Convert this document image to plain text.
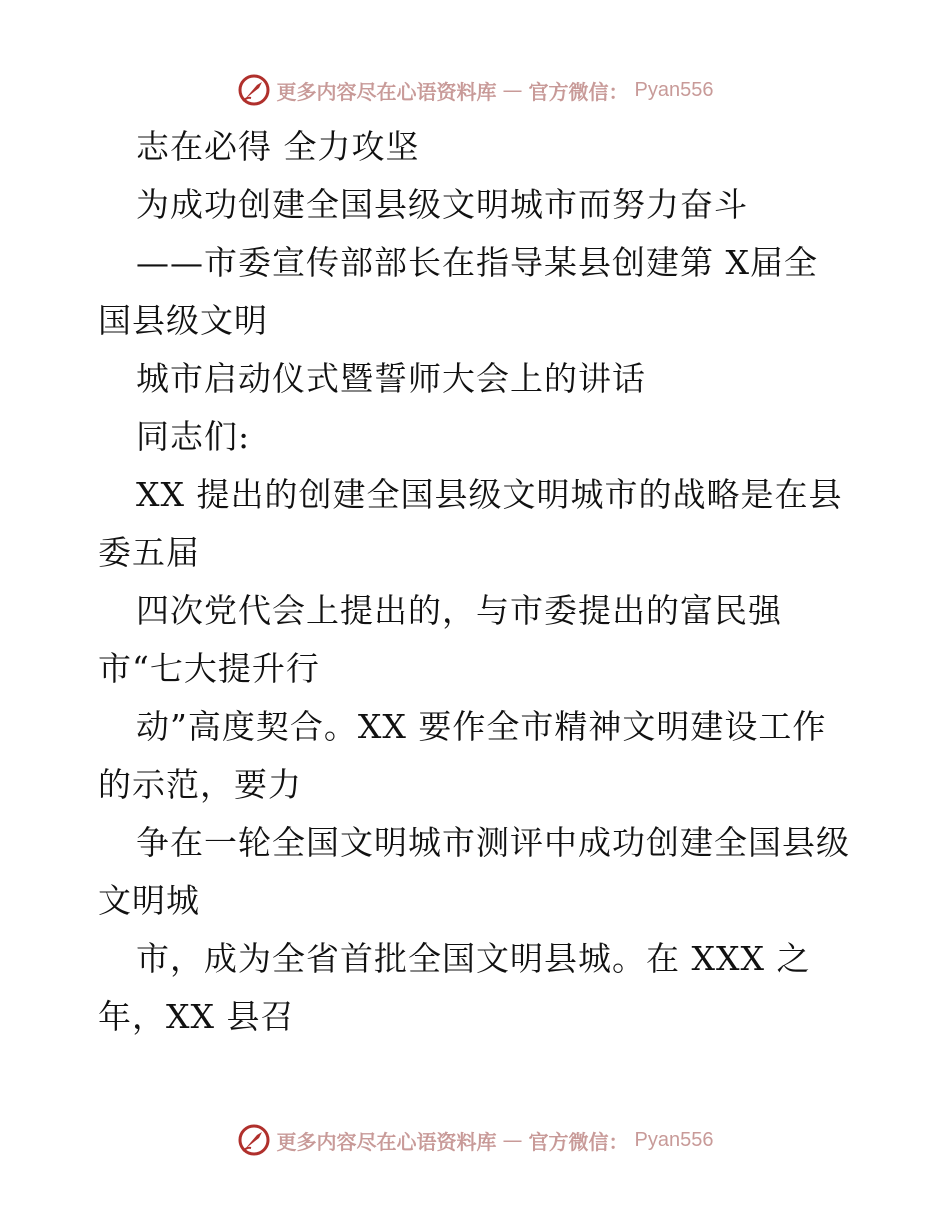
更多内容尽在心语资料库 — 官方微信： Pyan556
志在必得 全力攻坚
为成功创建全国县级文明城市而努力奋斗
——市委宣传部部长在指导某县创建第 X届全
国县级文明
城市启动仪式暨誓师大会上的讲话
同志们:
XX 提出的创建全国县级文明城市的战略是在县
委五届
四次党代会上提出的，与市委提出的富民强
市“七大提升行
动”高度契合。XX 要作全市精神文明建设工作
的示范，要力
争在一轮全国文明城市测评中成功创建全国县级
文明城
市，成为全省首批全国文明县城。在 XXX 之
年，XX 县召
更多内容尽在心语资料库 — 官方微信： Pyan556
